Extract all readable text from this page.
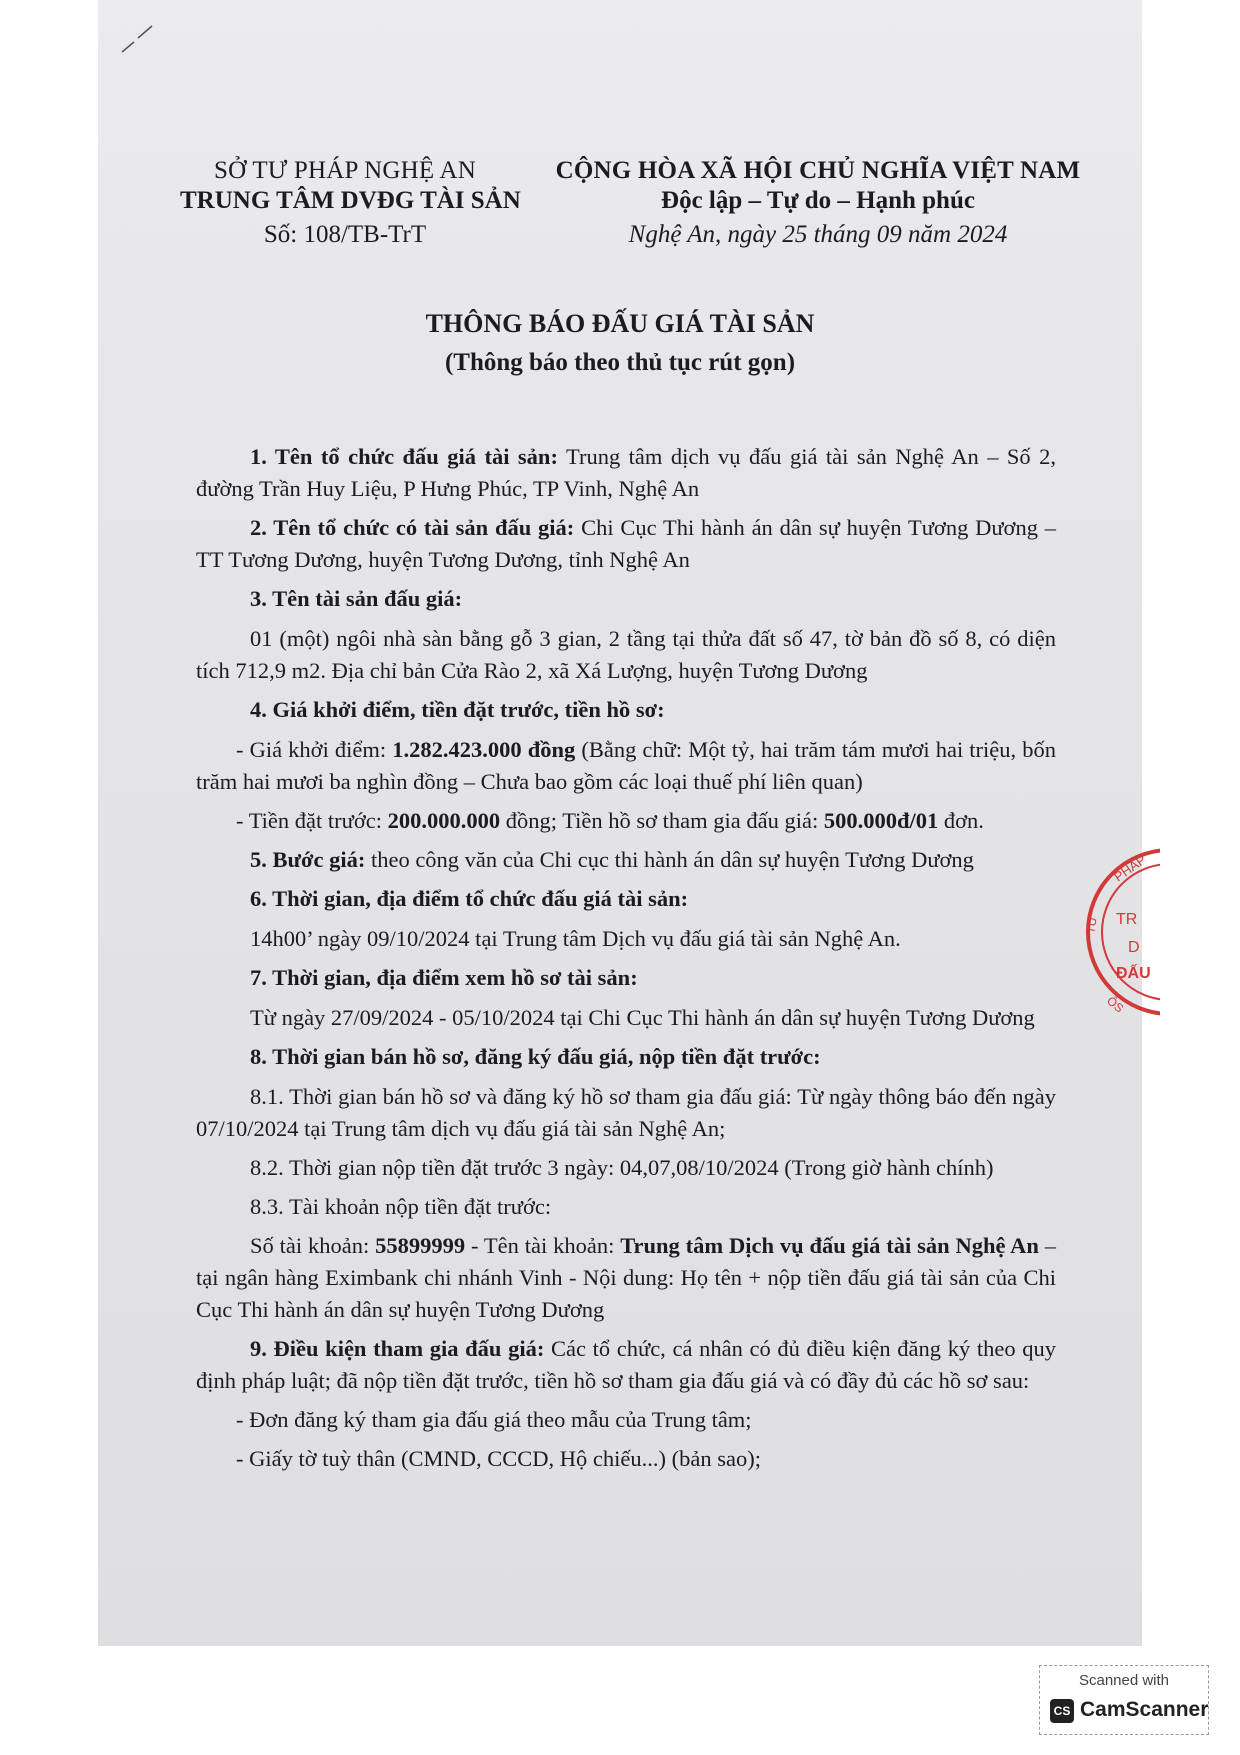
SỞ TƯ PHÁP NGHỆ AN
TRUNG TÂM DVĐG TÀI SẢN
Số: 108/TB-TrT
CỘNG HÒA XÃ HỘI CHỦ NGHĨA VIỆT NAM
Độc lập – Tự do – Hạnh phúc
Nghệ An, ngày 25 tháng 09 năm 2024
THÔNG BÁO ĐẤU GIÁ TÀI SẢN
(Thông báo theo thủ tục rút gọn)

1. Tên tổ chức đấu giá tài sản: Trung tâm dịch vụ đấu giá tài sản Nghệ An – Số 2, đường Trần Huy Liệu, P Hưng Phúc, TP Vinh, Nghệ An

2. Tên tổ chức có tài sản đấu giá: Chi Cục Thi hành án dân sự huyện Tương Dương – TT Tương Dương, huyện Tương Dương, tỉnh Nghệ An

3. Tên tài sản đấu giá:

01 (một) ngôi nhà sàn bằng gỗ 3 gian, 2 tầng tại thửa đất số 47, tờ bản đồ số 8, có diện tích 712,9 m2. Địa chỉ bản Cửa Rào 2, xã Xá Lượng, huyện Tương Dương

4. Giá khởi điểm, tiền đặt trước, tiền hồ sơ:

- Giá khởi điểm: 1.282.423.000 đồng (Bằng chữ: Một tỷ, hai trăm tám mươi hai triệu, bốn trăm hai mươi ba nghìn đồng – Chưa bao gồm các loại thuế phí liên quan)

- Tiền đặt trước: 200.000.000 đồng; Tiền hồ sơ tham gia đấu giá: 500.000đ/01 đơn.

5. Bước giá: theo công văn của Chi cục thi hành án dân sự huyện Tương Dương

6. Thời gian, địa điểm tổ chức đấu giá tài sản:

14h00’ ngày 09/10/2024 tại Trung tâm Dịch vụ đấu giá tài sản Nghệ An.

7. Thời gian, địa điểm xem hồ sơ tài sản:

Từ ngày 27/09/2024 - 05/10/2024 tại Chi Cục Thi hành án dân sự huyện Tương Dương

8. Thời gian bán hồ sơ, đăng ký đấu giá, nộp tiền đặt trước:

8.1. Thời gian bán hồ sơ và đăng ký hồ sơ tham gia đấu giá: Từ ngày thông báo đến ngày 07/10/2024 tại Trung tâm dịch vụ đấu giá tài sản Nghệ An;

8.2. Thời gian nộp tiền đặt trước 3 ngày: 04,07,08/10/2024 (Trong giờ hành chính)

8.3. Tài khoản nộp tiền đặt trước:

Số tài khoản: 55899999 - Tên tài khoản: Trung tâm Dịch vụ đấu giá tài sản Nghệ An – tại ngân hàng Eximbank chi nhánh Vinh - Nội dung: Họ tên + nộp tiền đấu giá tài sản của Chi Cục Thi hành án dân sự huyện Tương Dương

9. Điều kiện tham gia đấu giá: Các tổ chức, cá nhân có đủ điều kiện đăng ký theo quy định pháp luật; đã nộp tiền đặt trước, tiền hồ sơ tham gia đấu giá và có đầy đủ các hồ sơ sau:

- Đơn đăng ký tham gia đấu giá theo mẫu của Trung tâm;

- Giấy tờ tuỳ thân (CMND, CCCD, Hộ chiếu...) (bản sao);

PHÁP
TR
D
ĐẤU
TƯ
ÔS
Scanned with
CS CamScanner
